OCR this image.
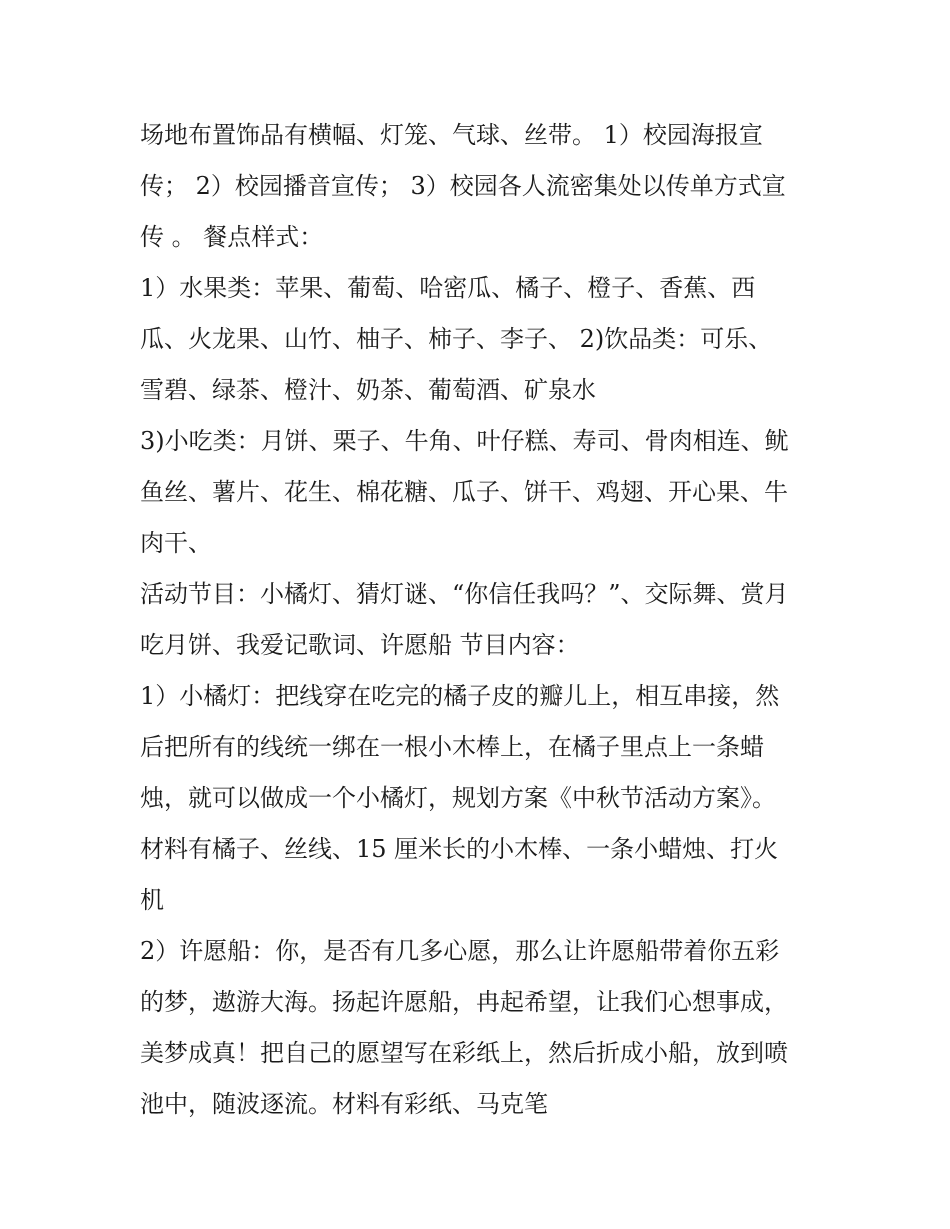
场地布置饰品有横幅、灯笼、气球、丝带。 1）校园海报宣
传； 2）校园播音宣传； 3）校园各人流密集处以传单方式宣
传 。 餐点样式：
1）水果类：苹果、葡萄、哈密瓜、橘子、橙子、香蕉、西
瓜、火龙果、山竹、柚子、柿子、李子、 2)饮品类：可乐、
雪碧、绿茶、橙汁、奶茶、葡萄酒、矿泉水
3)小吃类：月饼、栗子、牛角、叶仔糕、寿司、骨肉相连、鱿
鱼丝、薯片、花生、棉花糖、瓜子、饼干、鸡翅、开心果、牛
肉干、
活动节目：小橘灯、猜灯谜、“你信任我吗？”、交际舞、赏月
吃月饼、我爱记歌词、许愿船 节目内容：
1）小橘灯：把线穿在吃完的橘子皮的瓣儿上，相互串接，然
后把所有的线统一绑在一根小木棒上，在橘子里点上一条蜡
烛，就可以做成一个小橘灯，规划方案《中秋节活动方案》。
材料有橘子、丝线、15 厘米长的小木棒、一条小蜡烛、打火
机
2）许愿船：你，是否有几多心愿，那么让许愿船带着你五彩
的梦，遨游大海。扬起许愿船，冉起希望，让我们心想事成，
美梦成真！把自己的愿望写在彩纸上，然后折成小船，放到喷
池中，随波逐流。材料有彩纸、马克笔
